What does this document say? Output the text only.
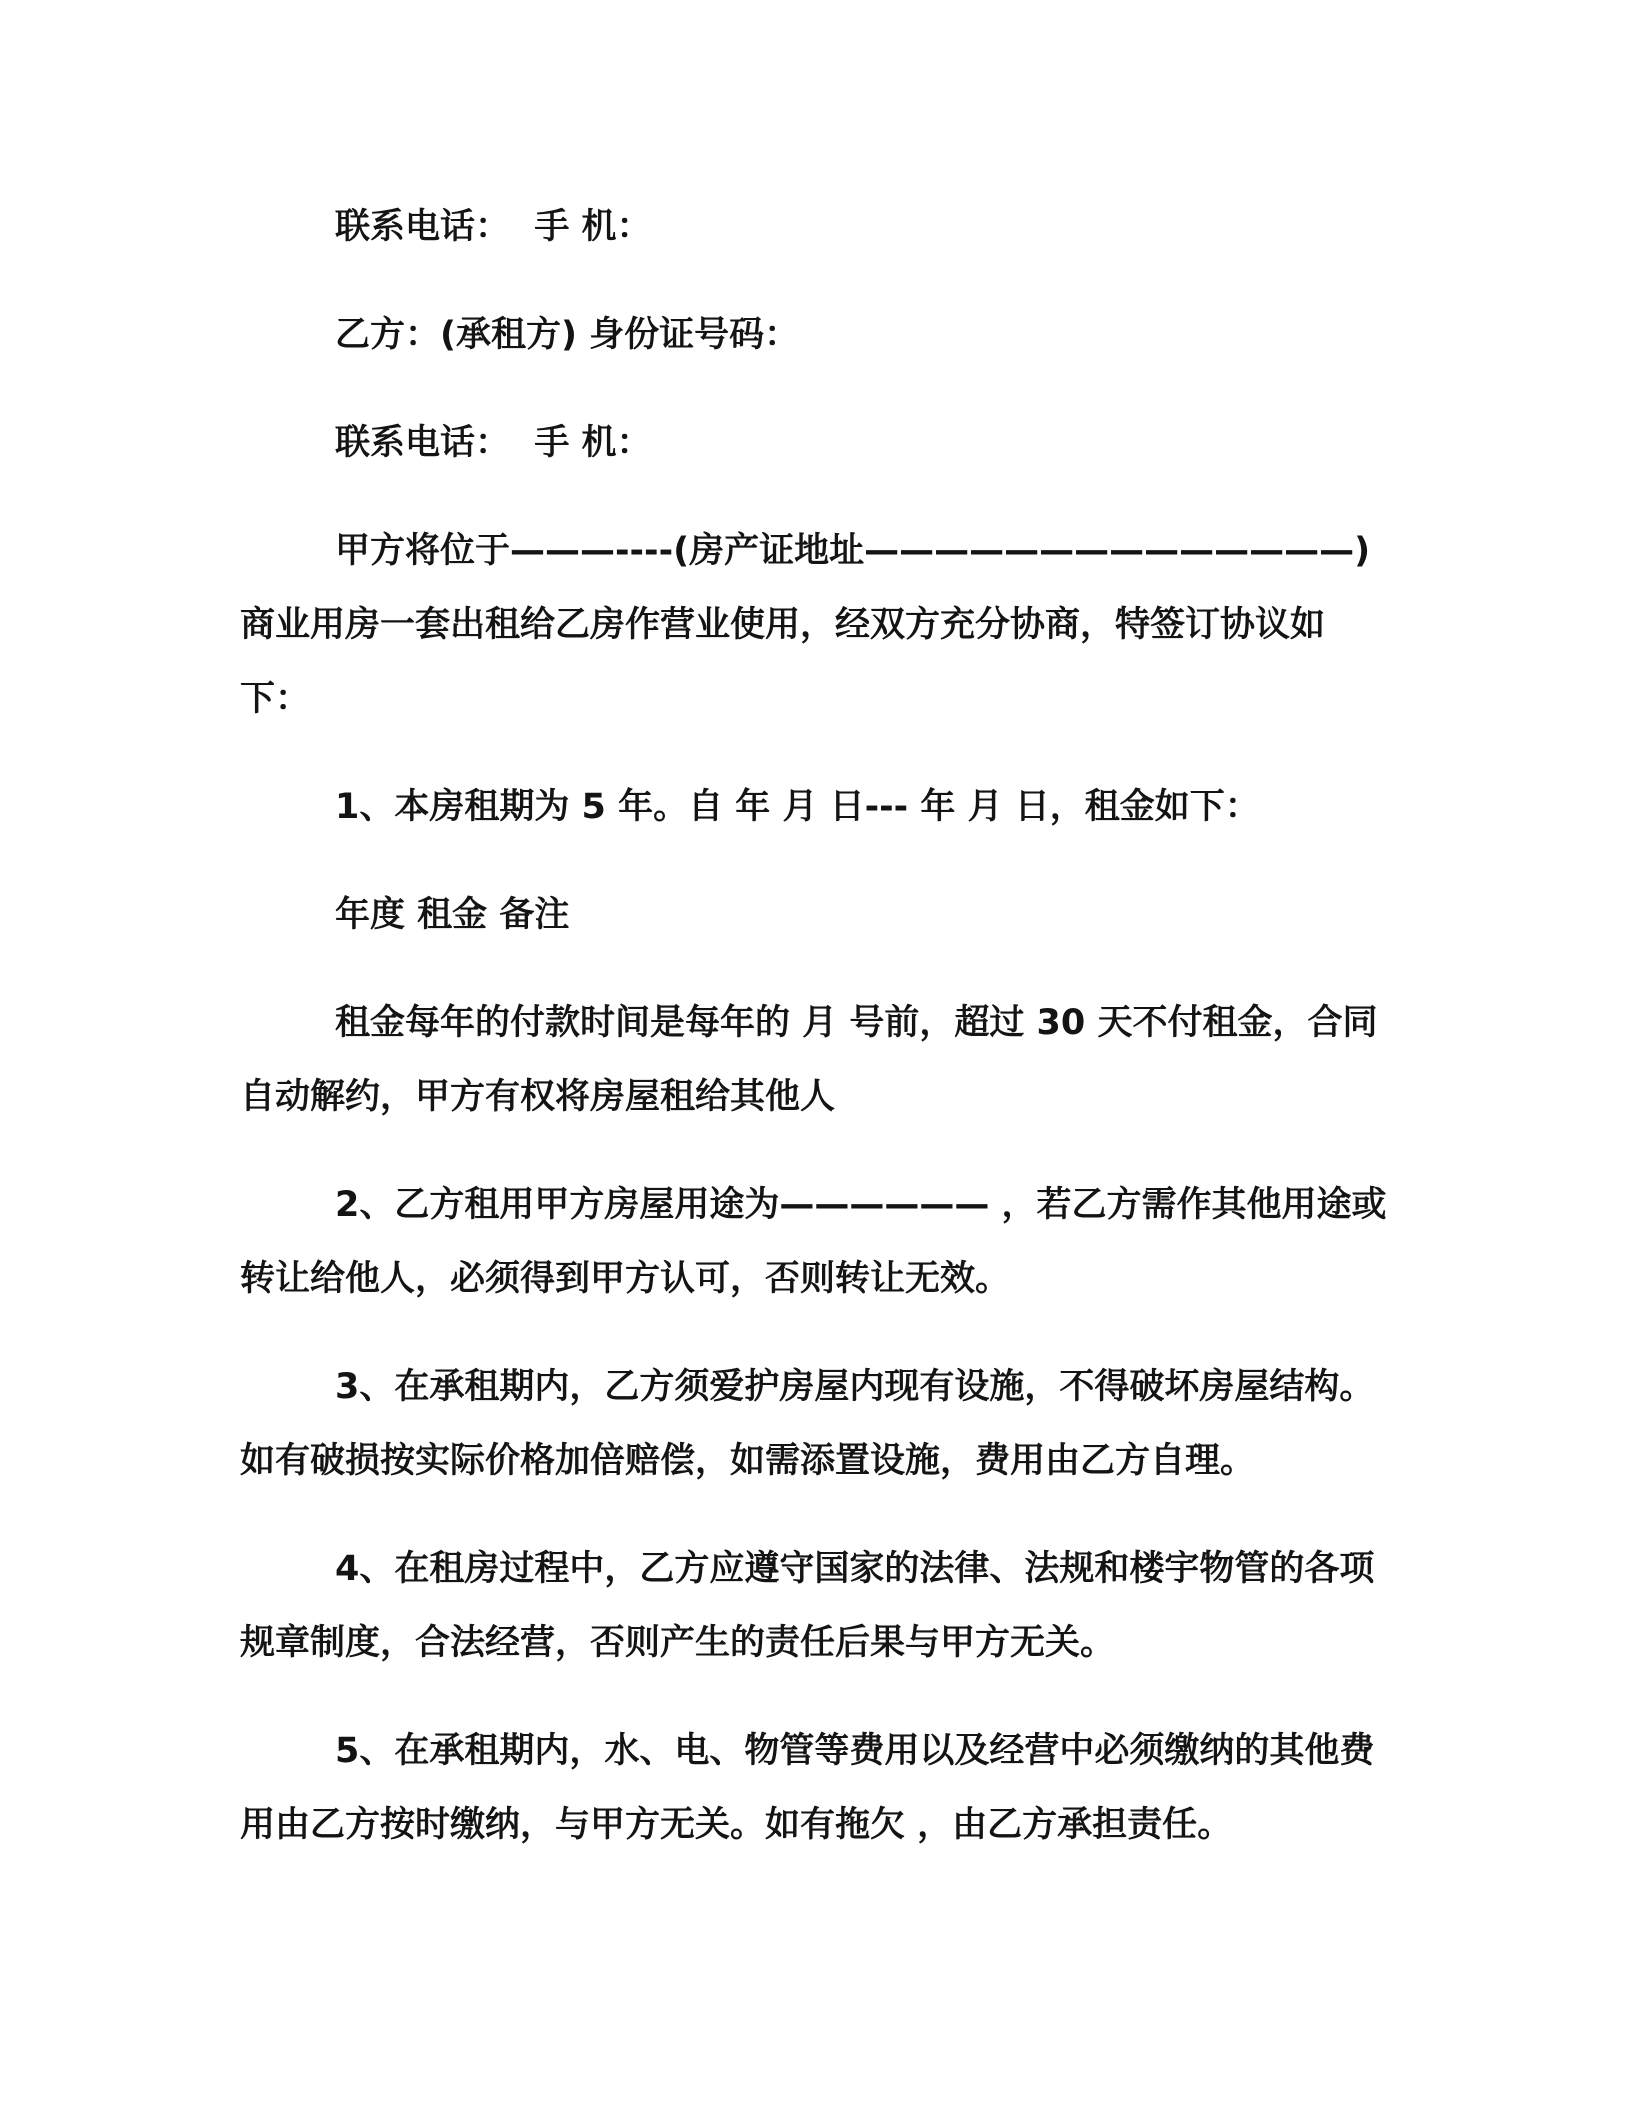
联系电话：  手 机：

乙方：(承租方) 身份证号码：

联系电话：  手 机：

甲方将位于———----(房产证地址——————————————) 商业用房一套出租给乙房作营业使用，经双方充分协商，特签订协议如下：

1、本房租期为 5 年。自 年 月 日--- 年 月 日，租金如下：

年度 租金 备注

租金每年的付款时间是每年的 月 号前，超过 30 天不付租金，合同自动解约，甲方有权将房屋租给其他人

2、乙方租用甲方房屋用途为—————— ，若乙方需作其他用途或转让给他人，必须得到甲方认可，否则转让无效。

3、在承租期内，乙方须爱护房屋内现有设施，不得破坏房屋结构。如有破损按实际价格加倍赔偿，如需添置设施，费用由乙方自理。

4、在租房过程中，乙方应遵守国家的法律、法规和楼宇物管的各项规章制度，合法经营，否则产生的责任后果与甲方无关。

5、在承租期内，水、电、物管等费用以及经营中必须缴纳的其他费用由乙方按时缴纳，与甲方无关。如有拖欠 ，由乙方承担责任。
